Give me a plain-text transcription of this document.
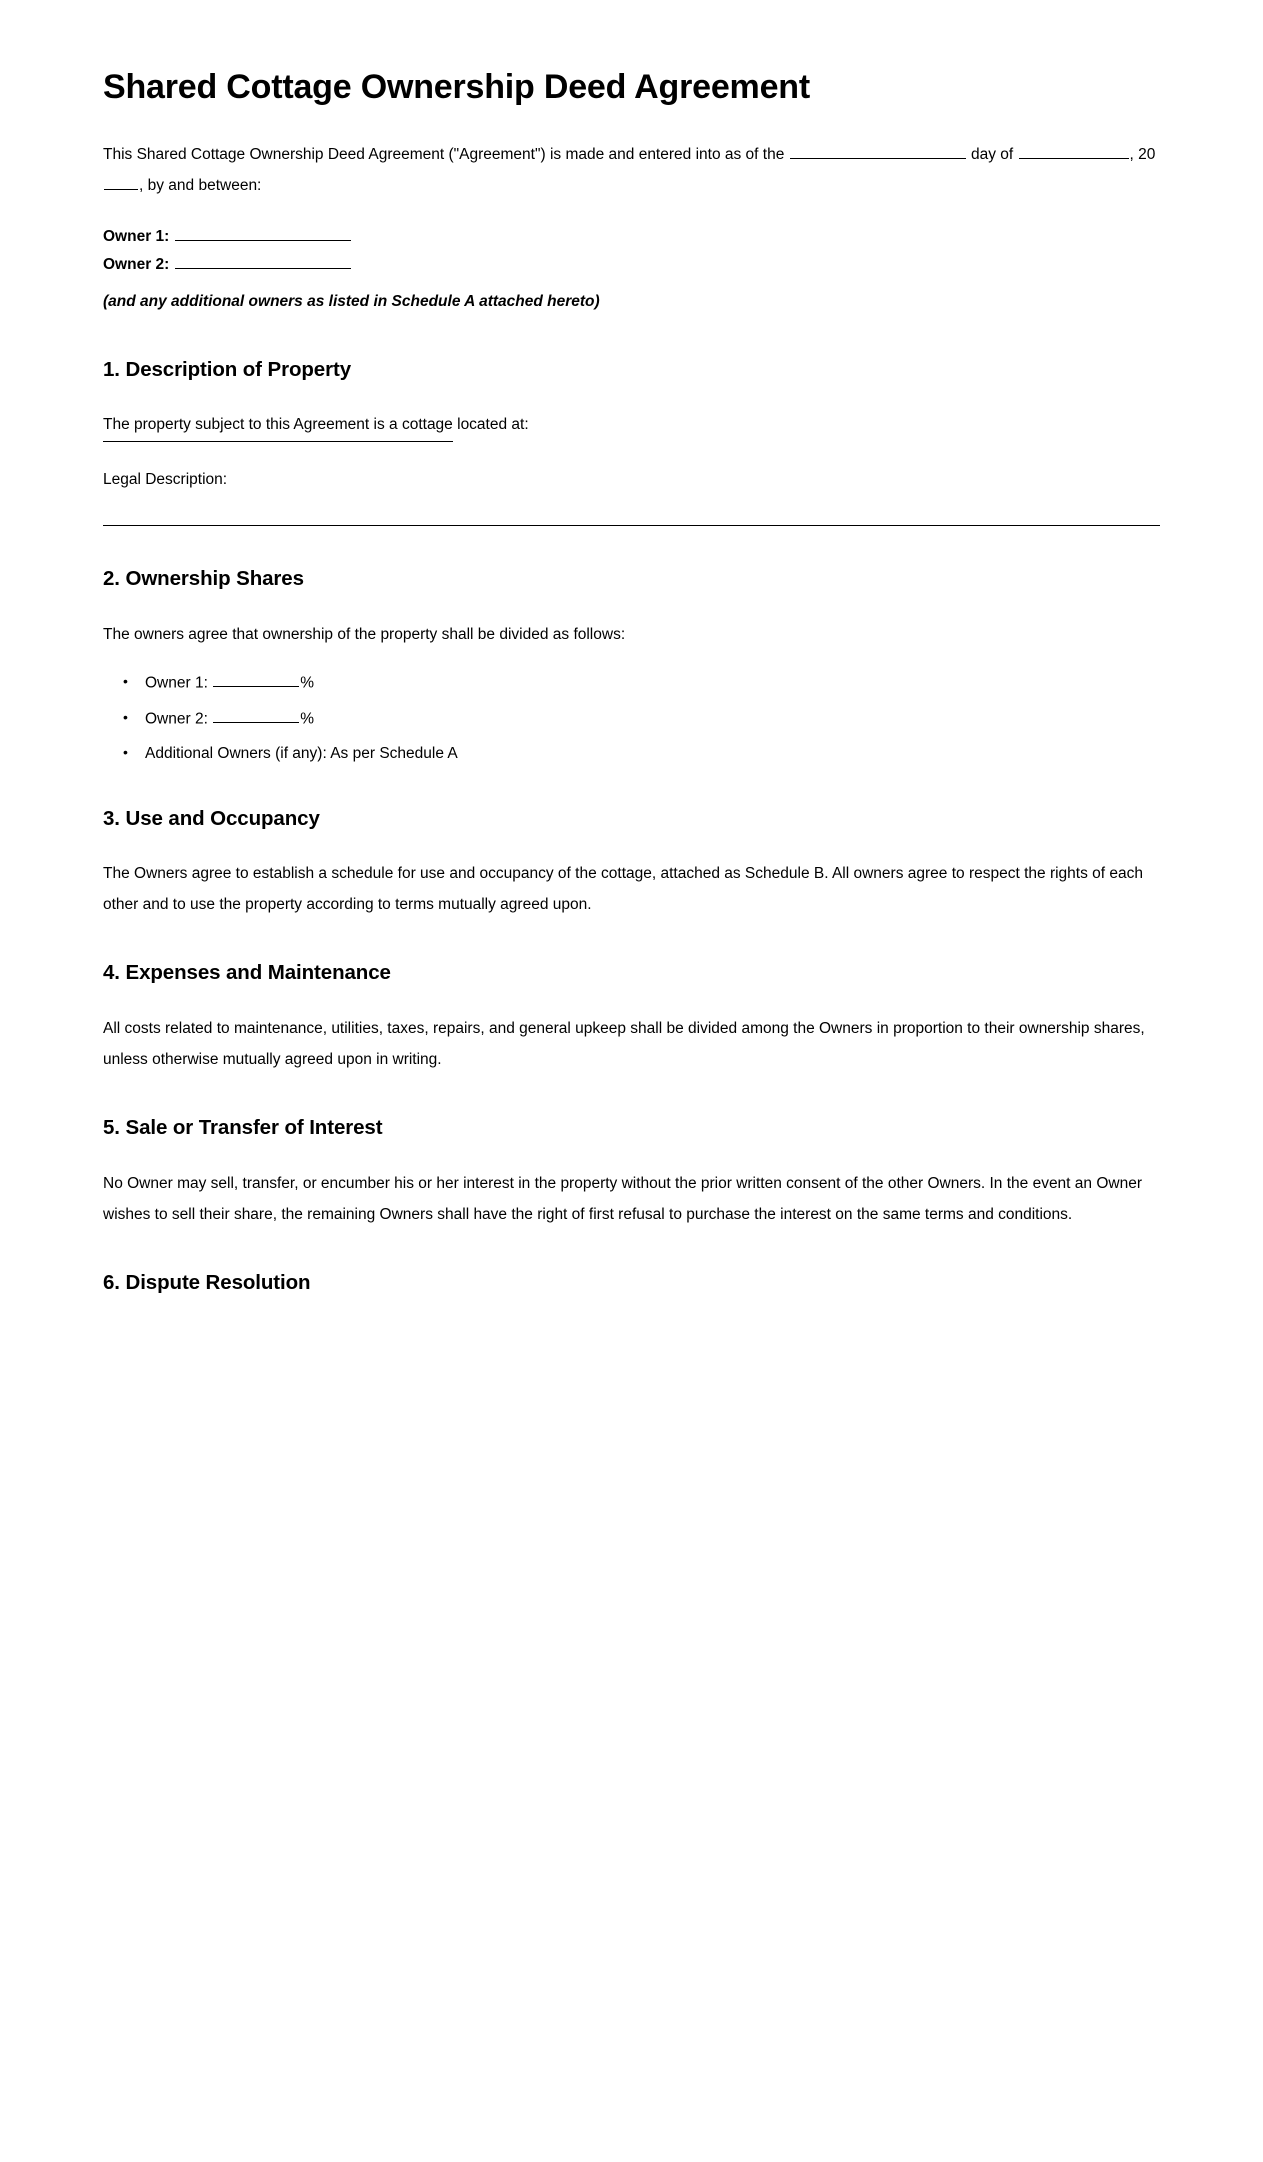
Shared Cottage Ownership Deed Agreement

This Shared Cottage Ownership Deed Agreement ("Agreement") is made and entered into as of the	day of	, 20, by and between:

Owner 1:

Owner 2:

(and any additional owners as listed in Schedule A attached hereto)

1. Description of Property

The property subject to this Agreement is a cottage located at:

Legal Description:

2. Ownership Shares

The owners agree that ownership of the property shall be divided as follows:

• Owner 1:	%
• Owner 2:	%
• Additional Owners (if any): As per Schedule A
3. Use and Occupancy

The Owners agree to establish a schedule for use and occupancy of the cottage, attached as Schedule B. All owners agree to respect the rights of each other and to use the property according to terms mutually agreed upon.

4. Expenses and Maintenance

All costs related to maintenance, utilities, taxes, repairs, and general upkeep shall be divided among the Owners in proportion to their ownership shares, unless otherwise mutually agreed upon in writing.

5. Sale or Transfer of Interest

No Owner may sell, transfer, or encumber his or her interest in the property without the prior written consent of the other Owners. In the event an Owner wishes to sell their share, the remaining Owners shall have the right of first refusal to purchase the interest on the same terms and conditions.

6. Dispute Resolution
